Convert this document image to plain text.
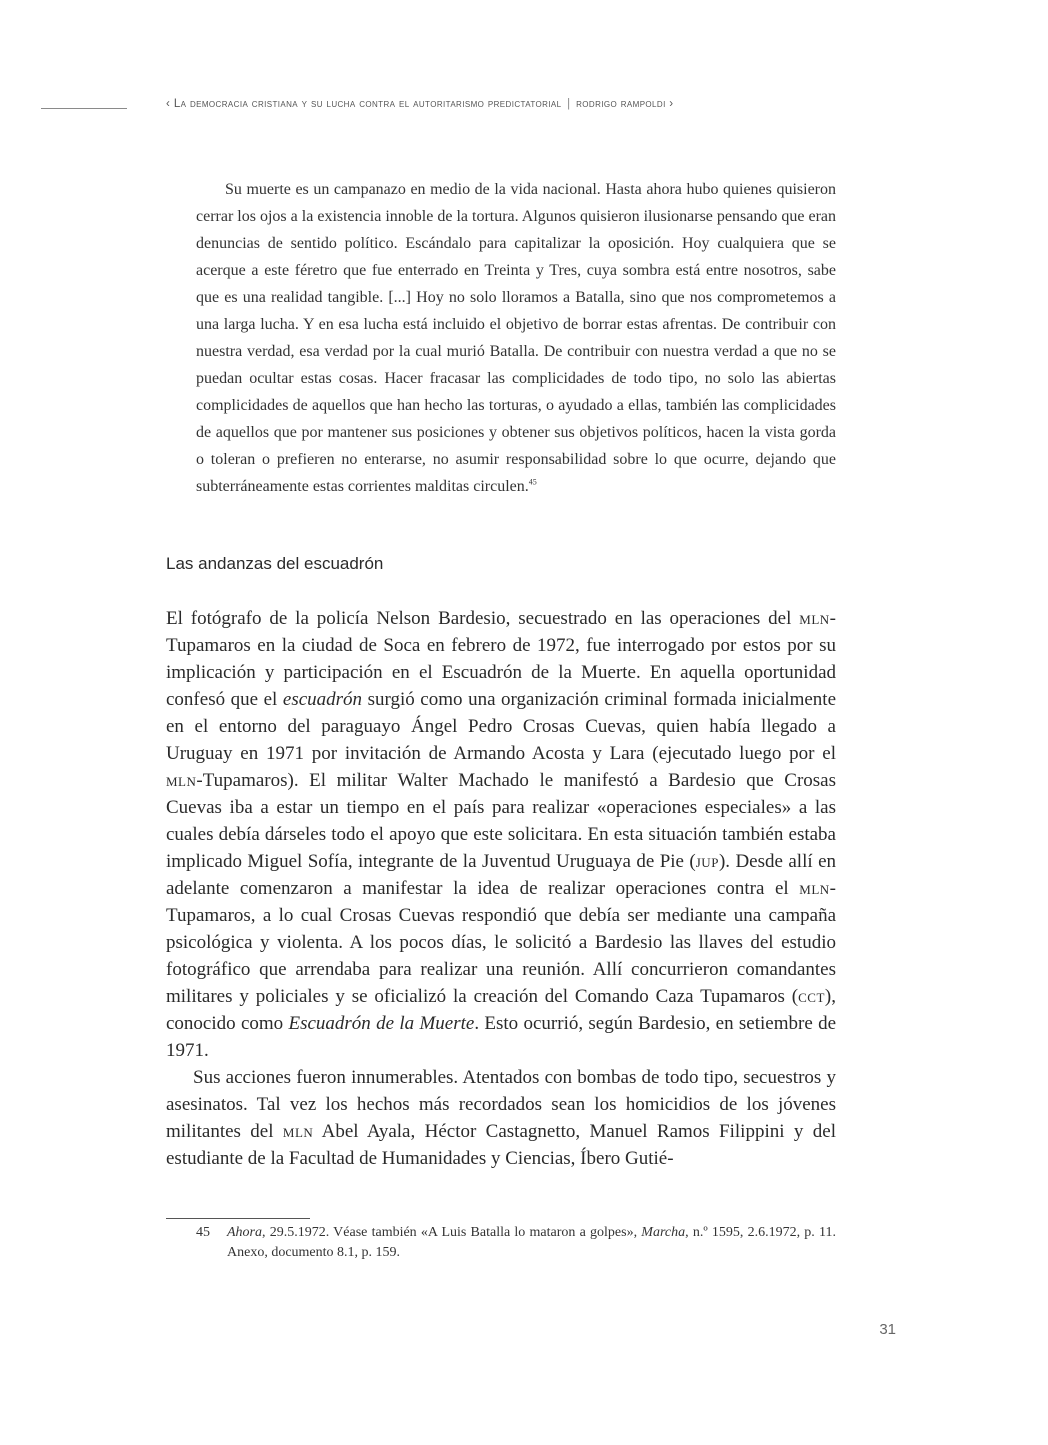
‹ La democracia cristiana y su lucha contra el autoritarismo predictatorial | rodrigo rampoldi ›

Su muerte es un campanazo en medio de la vida nacional. Hasta ahora hubo quienes quisieron cerrar los ojos a la existencia innoble de la tortura. Algunos quisieron ilusionarse pensando que eran denuncias de sentido político. Escándalo para capitalizar la oposición. Hoy cualquiera que se acerque a este féretro que fue enterrado en Treinta y Tres, cuya sombra está entre nosotros, sabe que es una realidad tangible. [...] Hoy no solo lloramos a Batalla, sino que nos comprometemos a una larga lucha. Y en esa lucha está incluido el objetivo de borrar estas afrentas. De contribuir con nuestra verdad, esa verdad por la cual murió Batalla. De contribuir con nuestra verdad a que no se puedan ocultar estas cosas. Hacer fracasar las complicidades de todo tipo, no solo las abiertas complicidades de aquellos que han hecho las torturas, o ayudado a ellas, también las complicidades de aquellos que por mantener sus posiciones y obtener sus objetivos políticos, hacen la vista gorda o toleran o prefieren no enterarse, no asumir responsabilidad sobre lo que ocurre, dejando que subterráneamente estas corrientes malditas circulen.$^{45}$

Las andanzas del escuadrón

El fotógrafo de la policía Nelson Bardesio, secuestrado en las operaciones del mln-Tupamaros en la ciudad de Soca en febrero de 1972, fue interrogado por estos por su implicación y participación en el Escuadrón de la Muerte. En aquella oportunidad confesó que el escuadrón surgió como una organización criminal formada inicialmente en el entorno del paraguayo Ángel Pedro Crosas Cuevas, quien había llegado a Uruguay en 1971 por invitación de Armando Acosta y Lara (ejecutado luego por el mln-Tupamaros). El militar Walter Machado le manifestó a Bardesio que Crosas Cuevas iba a estar un tiempo en el país para realizar «operaciones especiales» a las cuales debía dárseles todo el apoyo que este solicitara. En esta situación también estaba implicado Miguel Sofía, integrante de la Juventud Uruguaya de Pie (jup). Desde allí en adelante comenzaron a manifestar la idea de realizar operaciones contra el mln-Tupamaros, a lo cual Crosas Cuevas respondió que debía ser mediante una campaña psicológica y violenta. A los pocos días, le solicitó a Bardesio las llaves del estudio fotográfico que arrendaba para realizar una reunión. Allí concurrieron comandantes militares y policiales y se oficializó la creación del Comando Caza Tupamaros (cct), conocido como Escuadrón de la Muerte. Esto ocurrió, según Bardesio, en setiembre de 1971.

Sus acciones fueron innumerables. Atentados con bombas de todo tipo, secuestros y asesinatos. Tal vez los hechos más recordados sean los homicidios de los jóvenes militantes del mln Abel Ayala, Héctor Castagnetto, Manuel Ramos Filippini y del estudiante de la Facultad de Humanidades y Ciencias, Íbero Gutié-

45 Ahora, 29.5.1972. Véase también «A Luis Batalla lo mataron a golpes», Marcha, n.º 1595, 2.6.1972, p. 11. Anexo, documento 8.1, p. 159.
31
